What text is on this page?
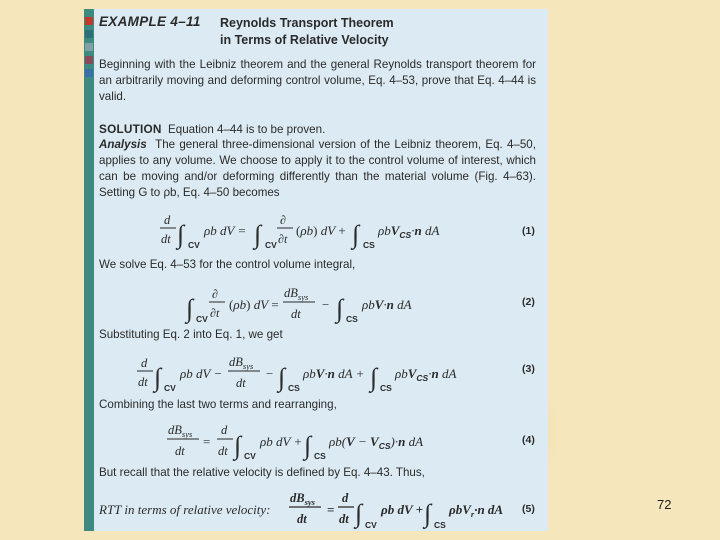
EXAMPLE 4–11 Reynolds Transport Theorem
in Terms of Relative Velocity

Beginning with the Leibniz theorem and the general Reynolds transport theorem for an arbitrarily moving and deforming control volume, Eq. 4–53, prove that Eq. 4–44 is valid.

SOLUTION Equation 4–44 is to be proven.

Analysis The general three-dimensional version of the Leibniz theorem, Eq. 4–50, applies to any volume. We choose to apply it to the control volume of interest, which can be moving and/or deforming differently than the material volume (Fig. 4–63). Setting G to ρb, Eq. 4–50 becomes

d
dt ∫ CV
ρb dV = ∫ CV
∂
∂t
(ρb) dV + ∫ CS
ρbV$_{CS}$·n dA	(1)

We solve Eq. 4–53 for the control volume integral,

∫ CV
∂
∂t
(ρb) dV =
$dB_{sys}$
dt
− ∫ CS
ρbV·n dA	(2)

Substituting Eq. 2 into Eq. 1, we get

d
dt ∫ CV
ρb dV −
$dB_{sys}$
dt
− ∫ CS
ρbV·n dA + ∫ CS
ρbV$_{CS}$·n dA	(3)

Combining the last two terms and rearranging,

$dB_{sys}$
dt
=
d
dt ∫ CV
ρb dV + ∫ CS
$\rho b(V - V_{CS})\cdot n$ dA	(4)

But recall that the relative velocity is defined by Eq. 4–43. Thus,

RTT in terms of relative velocity:
$dB_{sys}$
dt
=
d
dt ∫ CV
ρb dV + ∫ CS
ρbV$_r$·n dA (5)	72
